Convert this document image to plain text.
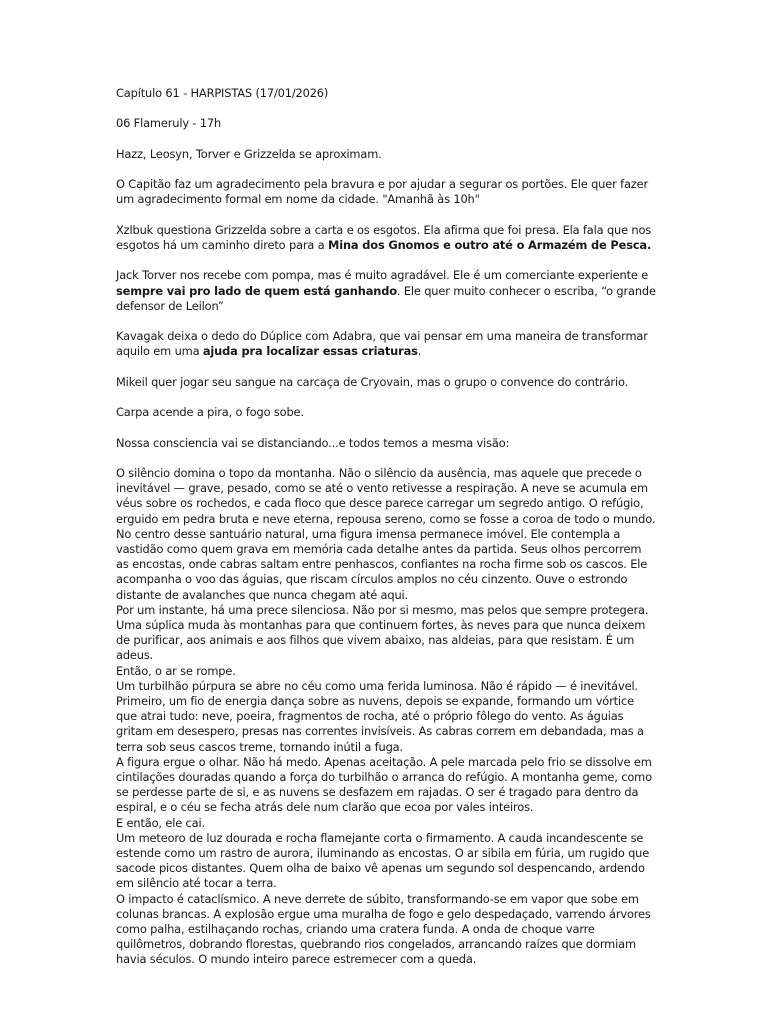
Capítulo 61 - HARPISTAS (17/01/2026)

06 Flameruly - 17h

Hazz, Leosyn, Torver e Grizzelda se aproximam.

O Capitão faz um agradecimento pela bravura e por ajudar a segurar os portões. Ele quer fazer um agradecimento formal em nome da cidade. "Amanhã às 10h"

Xzlbuk questiona Grizzelda sobre a carta e os esgotos. Ela afirma que foi presa. Ela fala que nos esgotos há um caminho direto para a Mina dos Gnomos e outro até o Armazém de Pesca.

Jack Torver nos recebe com pompa, mas é muito agradável. Ele é um comerciante experiente e sempre vai pro lado de quem está ganhando. Ele quer muito conhecer o escriba, “o grande defensor de Leilon”

Kavagak deixa o dedo do Dúplice com Adabra, que vai pensar em uma maneira de transformar aquilo em uma ajuda pra localizar essas criaturas.

Mikeil quer jogar seu sangue na carcaça de Cryovain, mas o grupo o convence do contrário.

Carpa acende a pira, o fogo sobe.

Nossa consciencia vai se distanciando...e todos temos a mesma visão:

O silêncio domina o topo da montanha. Não o silêncio da ausência, mas aquele que precede o inevitável — grave, pesado, como se até o vento retivesse a respiração. A neve se acumula em véus sobre os rochedos, e cada floco que desce parece carregar um segredo antigo. O refúgio, erguido em pedra bruta e neve eterna, repousa sereno, como se fosse a coroa de todo o mundo.

No centro desse santuário natural, uma figura imensa permanece imóvel. Ele contempla a vastidão como quem grava em memória cada detalhe antes da partida. Seus olhos percorrem as encostas, onde cabras saltam entre penhascos, confiantes na rocha firme sob os cascos. Ele acompanha o voo das águias, que riscam círculos amplos no céu cinzento. Ouve o estrondo distante de avalanches que nunca chegam até aqui.

Por um instante, há uma prece silenciosa. Não por si mesmo, mas pelos que sempre protegera. Uma súplica muda às montanhas para que continuem fortes, às neves para que nunca deixem de purificar, aos animais e aos filhos que vivem abaixo, nas aldeias, para que resistam. É um adeus.

Então, o ar se rompe.

Um turbilhão púrpura se abre no céu como uma ferida luminosa. Não é rápido — é inevitável. Primeiro, um fio de energia dança sobre as nuvens, depois se expande, formando um vórtice que atrai tudo: neve, poeira, fragmentos de rocha, até o próprio fôlego do vento. As águias gritam em desespero, presas nas correntes invisíveis. As cabras correm em debandada, mas a terra sob seus cascos treme, tornando inútil a fuga.

A figura ergue o olhar. Não há medo. Apenas aceitação. A pele marcada pelo frio se dissolve em cintilações douradas quando a força do turbilhão o arranca do refúgio. A montanha geme, como se perdesse parte de si, e as nuvens se desfazem em rajadas. O ser é tragado para dentro da espiral, e o céu se fecha atrás dele num clarão que ecoa por vales inteiros.

E então, ele cai.

Um meteoro de luz dourada e rocha flamejante corta o firmamento. A cauda incandescente se estende como um rastro de aurora, iluminando as encostas. O ar sibila em fúria, um rugido que sacode picos distantes. Quem olha de baixo vê apenas um segundo sol despencando, ardendo em silêncio até tocar a terra.

O impacto é cataclísmico. A neve derrete de súbito, transformando-se em vapor que sobe em colunas brancas. A explosão ergue uma muralha de fogo e gelo despedaçado, varrendo árvores como palha, estilhaçando rochas, criando uma cratera funda. A onda de choque varre quilômetros, dobrando florestas, quebrando rios congelados, arrancando raízes que dormiam havia séculos. O mundo inteiro parece estremecer com a queda.
